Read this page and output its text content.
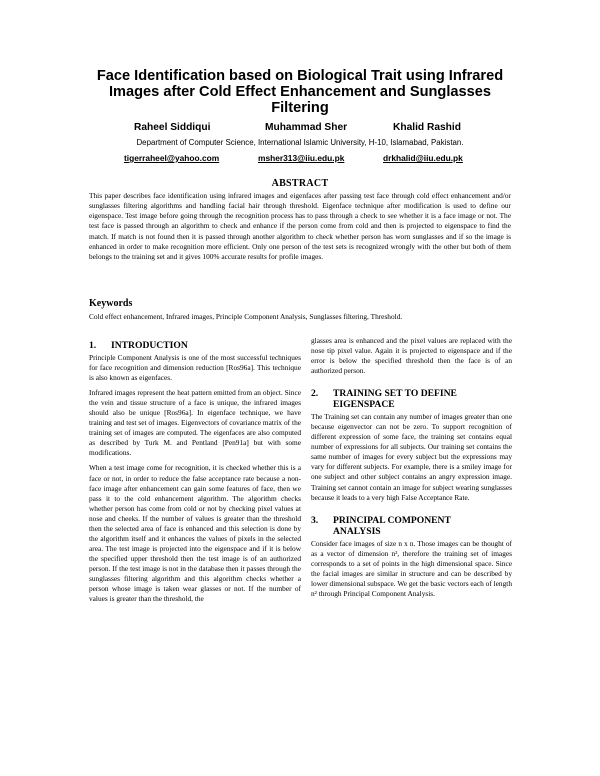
Face Identification based on Biological Trait using Infrared
Images after Cold Effect Enhancement and Sunglasses
Filtering
Raheel Siddiqui	Muhammad Sher	Khalid Rashid
Department of Computer Science, International Islamic University, H-10, Islamabad, Pakistan.
tigerraheel@yahoo.com	msher313@iiu.edu.pk	drkhalid@iiu.edu.pk
ABSTRACT
This paper describes face identification using infrared images and eigenfaces after passing test face through cold effect enhancement and/or sunglasses filtering algorithms and handling facial hair through threshold. Eigenface technique after modification is used to define our eigenspace. Test image before going through the recognition process has to pass through a check to see whether it is a face image or not. The test face is passed through an algorithm to check and enhance if the person come from cold and then is projected to eigenspace to find the match. If match is not found then it is passed through another algorithm to check whether person has worn sunglasses and if so the image is enhanced in order to make recognition more efficient. Only one person of the test sets is recognized wrongly with the other but both of them belongs to the training set and it gives 100% accurate results for profile images.
Keywords
Cold effect enhancement, Infrared images, Principle Component Analysis, Sunglasses filtering, Threshold.
1. INTRODUCTION

Principle Component Analysis is one of the most successful techniques for face recognition and dimension reduction [Ros96a]. This technique is also known as eigenfaces.

Infrared images represent the heat pattern emitted from an object. Since the vein and tissue structure of a face is unique, the infrared images should also be unique [Ros96a]. In eigenface technique, we have training and test set of images. Eigenvectors of covariance matrix of the training set of images are computed. The eigenfaces are also computed as described by Turk M. and Pentland [Pen91a] but with some modifications.

When a test image come for recognition, it is checked whether this is a face or not, in order to reduce the false acceptance rate because a non-face image after enhancement can gain some features of face, then we pass it to the cold enhancement algorithm. The algorithm checks whether person has come from cold or not by checking pixel values at nose and cheeks. If the number of values is greater than the threshold then the selected area of face is enhanced and this selection is done by the algorithm itself and it enhances the values of pixels in the selected area. The test image is projected into the eigenspace and if it is below the specified upper threshold then the test image is of an authorized person. If the test image is not in the database then it passes through the sunglasses filtering algorithm and this algorithm checks whether a person whose image is taken wear glasses or not. If the number of values is greater than the threshold, the

glasses area is enhanced and the pixel values are replaced with the nose tip pixel value. Again it is projected to eigenspace and if the error is below the specified threshold then the face is of an authorized person.

2. TRAINING SET TO DEFINE
EIGENSPACE

The Training set can contain any number of images greater than one because eigenvector can not be zero. To support recognition of different expression of some face, the training set contains equal number of expressions for all subjects. Our training set contains the same number of images for every subject but the expressions may vary for different subjects. For example, there is a smiley image for one subject and other subject contains an angry expression image. Training set cannot contain an image for subject wearing sunglasses because it leads to a very high False Acceptance Rate.

3. PRINCIPAL COMPONENT
ANALYSIS

Consider face images of size n x n. Those images can be thought of as a vector of dimension n², therefore the training set of images corresponds to a set of points in the high dimensional space. Since the facial images are similar in structure and can be described by lower dimensional subspace. We get the basic vectors each of length n² through Principal Component Analysis.
